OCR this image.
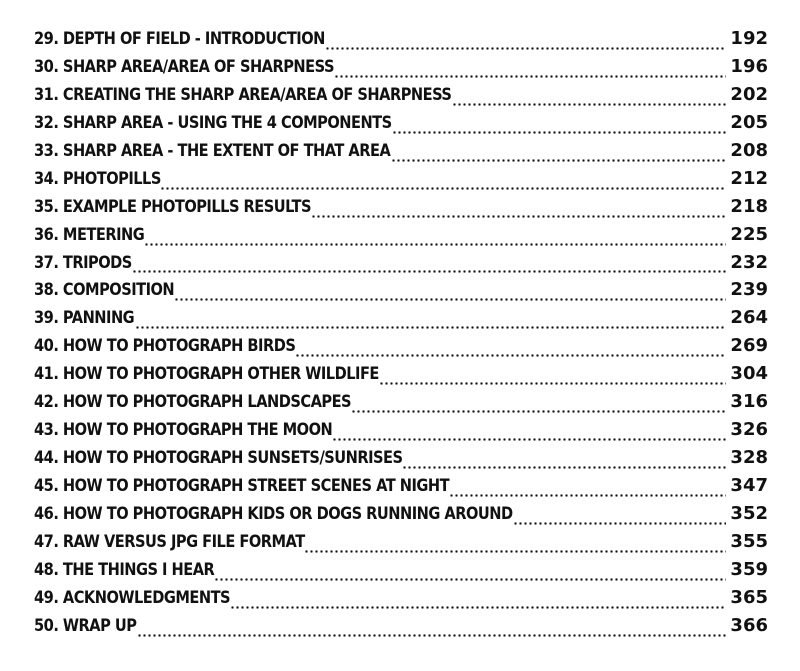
29. DEPTH OF FIELD - INTRODUCTION	192
30. SHARP AREA/AREA OF SHARPNESS	196
31. CREATING THE SHARP AREA/AREA OF SHARPNESS	202
32. SHARP AREA - USING THE 4 COMPONENTS	205
33. SHARP AREA - THE EXTENT OF THAT AREA	208
34. PHOTOPILLS	212
35. EXAMPLE PHOTOPILLS RESULTS	218
36. METERING	225
37. TRIPODS	232
38. COMPOSITION	239
39. PANNING	264
40. HOW TO PHOTOGRAPH BIRDS	269
41. HOW TO PHOTOGRAPH OTHER WILDLIFE	304
42. HOW TO PHOTOGRAPH LANDSCAPES	316
43. HOW TO PHOTOGRAPH THE MOON	326
44. HOW TO PHOTOGRAPH SUNSETS/SUNRISES	328
45. HOW TO PHOTOGRAPH STREET SCENES AT NIGHT	347
46. HOW TO PHOTOGRAPH KIDS OR DOGS RUNNING AROUND	352
47. RAW VERSUS JPG FILE FORMAT	355
48. THE THINGS I HEAR	359
49. ACKNOWLEDGMENTS	365
50. WRAP UP	366
